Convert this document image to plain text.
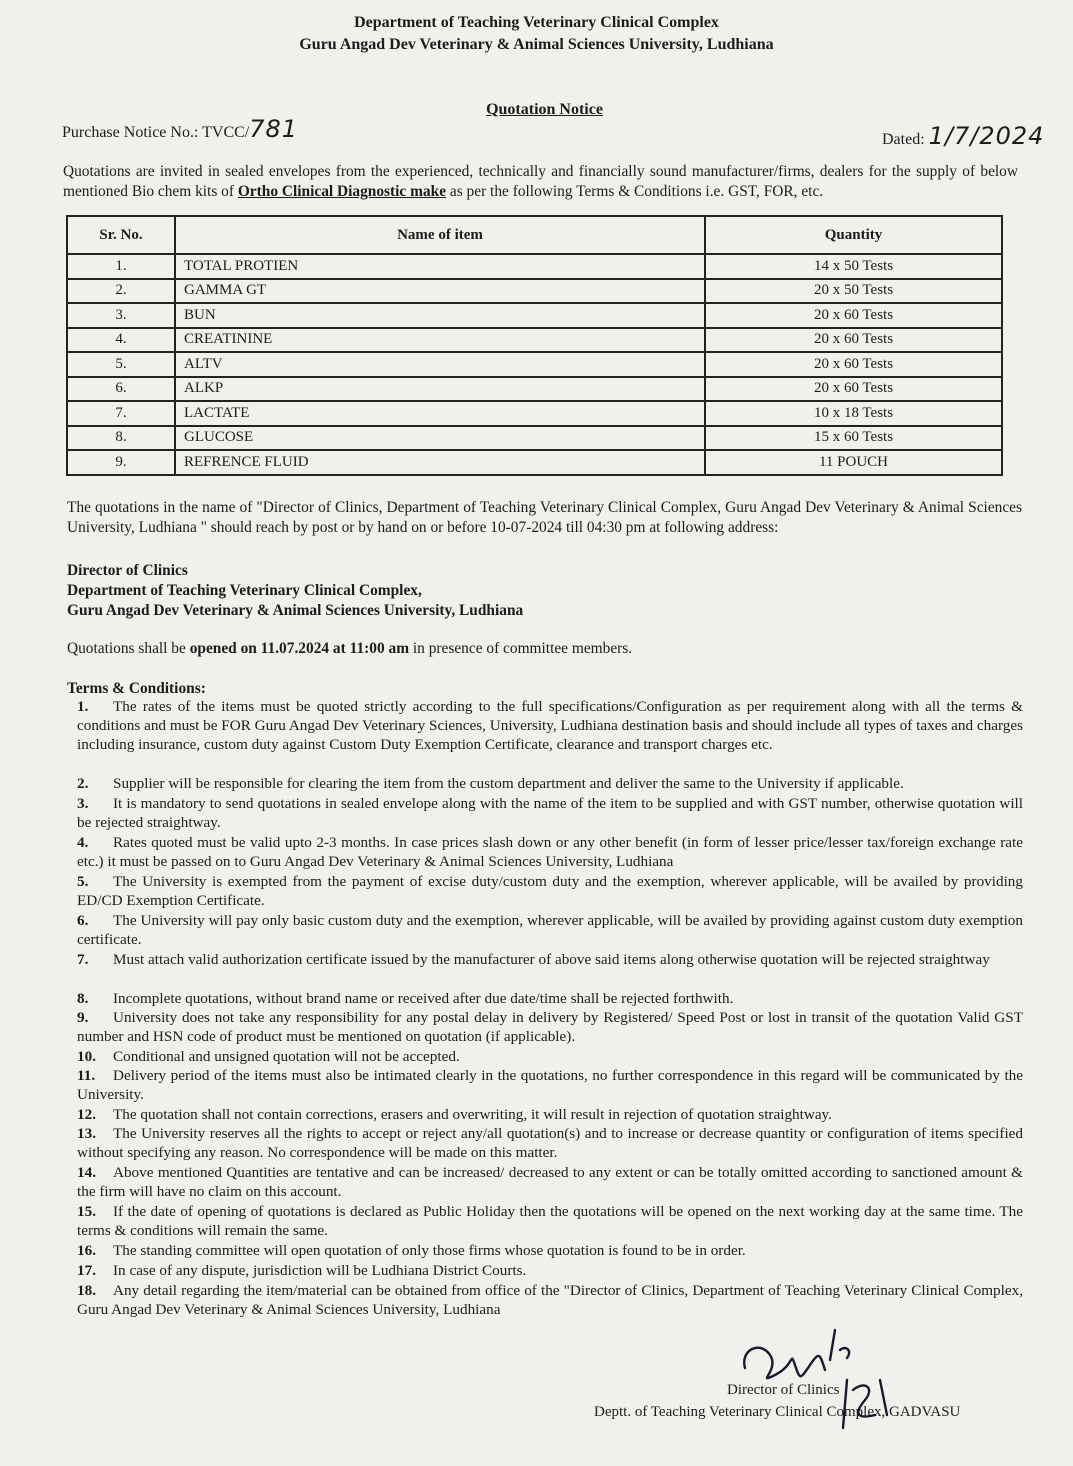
Department of Teaching Veterinary Clinical Complex
Guru Angad Dev Veterinary & Animal Sciences University, Ludhiana
Quotation Notice
Purchase Notice No.: TVCC/781	Dated: 1/7/2024
Quotations are invited in sealed envelopes from the experienced, technically and financially sound manufacturer/firms, dealers for the supply of below mentioned Bio chem kits of Ortho Clinical Diagnostic make as per the following Terms & Conditions i.e. GST, FOR, etc.
Sr. No.	Name of item	Quantity
1.	TOTAL PROTIEN	14 x 50 Tests
2.	GAMMA GT	20 x 50 Tests
3.	BUN	20 x 60 Tests
4.	CREATININE	20 x 60 Tests
5.	ALTV	20 x 60 Tests
6.	ALKP	20 x 60 Tests
7.	LACTATE	10 x 18 Tests
8.	GLUCOSE	15 x 60 Tests
9.	REFRENCE FLUID	11 POUCH
The quotations in the name of "Director of Clinics, Department of Teaching Veterinary Clinical Complex, Guru Angad Dev Veterinary & Animal Sciences University, Ludhiana " should reach by post or by hand on or before 10-07-2024 till 04:30 pm at following address:
Director of Clinics
Department of Teaching Veterinary Clinical Complex,
Guru Angad Dev Veterinary & Animal Sciences University, Ludhiana
Quotations shall be opened on 11.07.2024 at 11:00 am in presence of committee members.
Terms & Conditions:
1. The rates of the items must be quoted strictly according to the full specifications/Configuration as per requirement along with all the terms & conditions and must be FOR Guru Angad Dev Veterinary Sciences, University, Ludhiana destination basis and should include all types of taxes and charges including insurance, custom duty against Custom Duty Exemption Certificate, clearance and transport charges etc.
2. Supplier will be responsible for clearing the item from the custom department and deliver the same to the University if applicable.
3. It is mandatory to send quotations in sealed envelope along with the name of the item to be supplied and with GST number, otherwise quotation will be rejected straightway.
4. Rates quoted must be valid upto 2-3 months. In case prices slash down or any other benefit (in form of lesser price/lesser tax/foreign exchange rate etc.) it must be passed on to Guru Angad Dev Veterinary & Animal Sciences University, Ludhiana
5. The University is exempted from the payment of excise duty/custom duty and the exemption, wherever applicable, will be availed by providing ED/CD Exemption Certificate.
6. The University will pay only basic custom duty and the exemption, wherever applicable, will be availed by providing against custom duty exemption certificate.
7. Must attach valid authorization certificate issued by the manufacturer of above said items along otherwise quotation will be rejected straightway
8. Incomplete quotations, without brand name or received after due date/time shall be rejected forthwith.
9. University does not take any responsibility for any postal delay in delivery by Registered/ Speed Post or lost in transit of the quotation Valid GST number and HSN code of product must be mentioned on quotation (if applicable).
10. Conditional and unsigned quotation will not be accepted.
11. Delivery period of the items must also be intimated clearly in the quotations, no further correspondence in this regard will be communicated by the University.
12. The quotation shall not contain corrections, erasers and overwriting, it will result in rejection of quotation straightway.
13. The University reserves all the rights to accept or reject any/all quotation(s) and to increase or decrease quantity or configuration of items specified without specifying any reason. No correspondence will be made on this matter.
14. Above mentioned Quantities are tentative and can be increased/ decreased to any extent or can be totally omitted according to sanctioned amount & the firm will have no claim on this account.
15. If the date of opening of quotations is declared as Public Holiday then the quotations will be opened on the next working day at the same time. The terms & conditions will remain the same.
16. The standing committee will open quotation of only those firms whose quotation is found to be in order.
17. In case of any dispute, jurisdiction will be Ludhiana District Courts.
18. Any detail regarding the item/material can be obtained from office of the "Director of Clinics, Department of Teaching Veterinary Clinical Complex, Guru Angad Dev Veterinary & Animal Sciences University, Ludhiana
Director of Clinics
Deptt. of Teaching Veterinary Clinical Complex, GADVASU
